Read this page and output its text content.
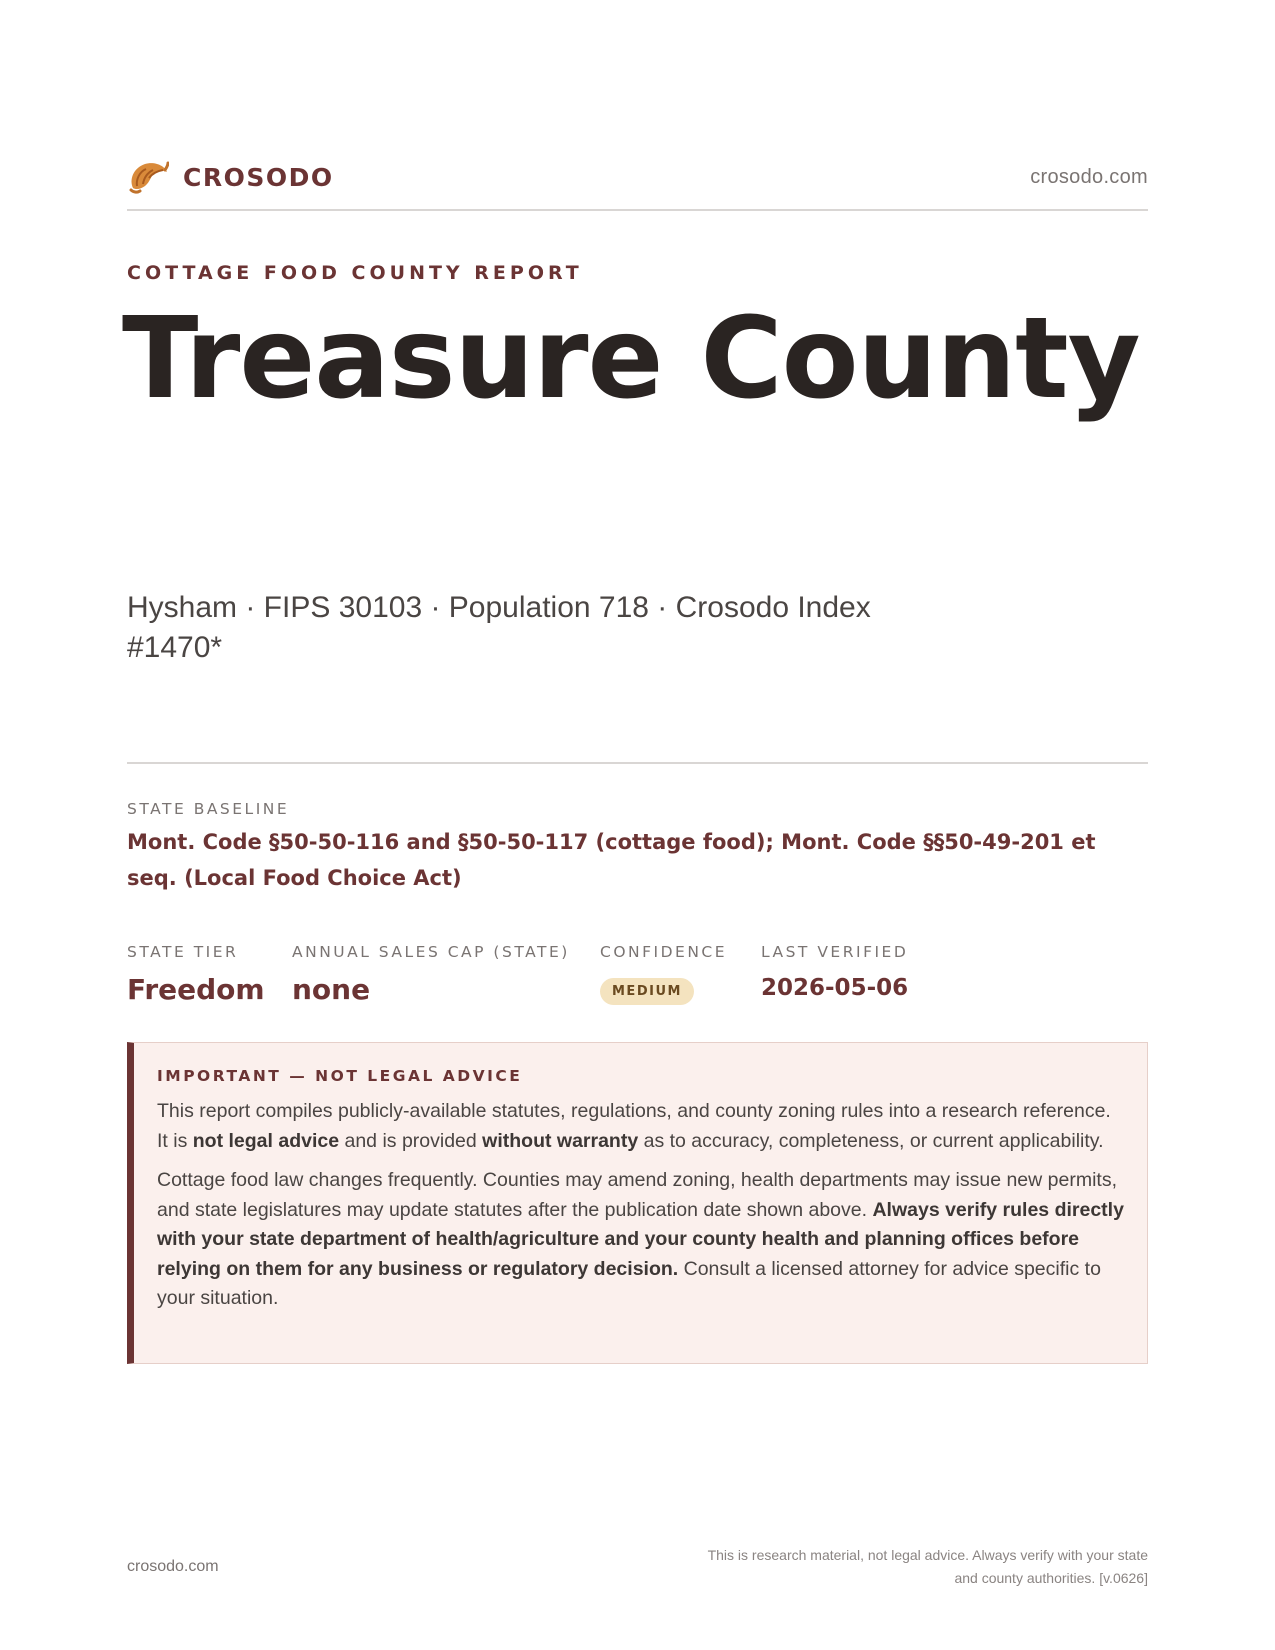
CROSODO	crosodo.com
COTTAGE FOOD COUNTY REPORT
Treasure County
Hysham · FIPS 30103 · Population 718 · Crosodo Index #1470*
STATE BASELINE
Mont. Code §50-50-116 and §50-50-117 (cottage food); Mont. Code §§50-49-201 et seq. (Local Food Choice Act)
STATE TIER
Freedom
ANNUAL SALES CAP (STATE)
none
CONFIDENCE
MEDIUM
LAST VERIFIED
2026-05-06
IMPORTANT — NOT LEGAL ADVICE

This report compiles publicly-available statutes, regulations, and county zoning rules into a research reference. It is not legal advice and is provided without warranty as to accuracy, completeness, or current applicability.

Cottage food law changes frequently. Counties may amend zoning, health departments may issue new permits, and state legislatures may update statutes after the publication date shown above. Always verify rules directly with your state department of health/agriculture and your county health and planning offices before relying on them for any business or regulatory decision. Consult a licensed attorney for advice specific to your situation.

crosodo.com
This is research material, not legal advice. Always verify with your state
and county authorities. [v.0626]
